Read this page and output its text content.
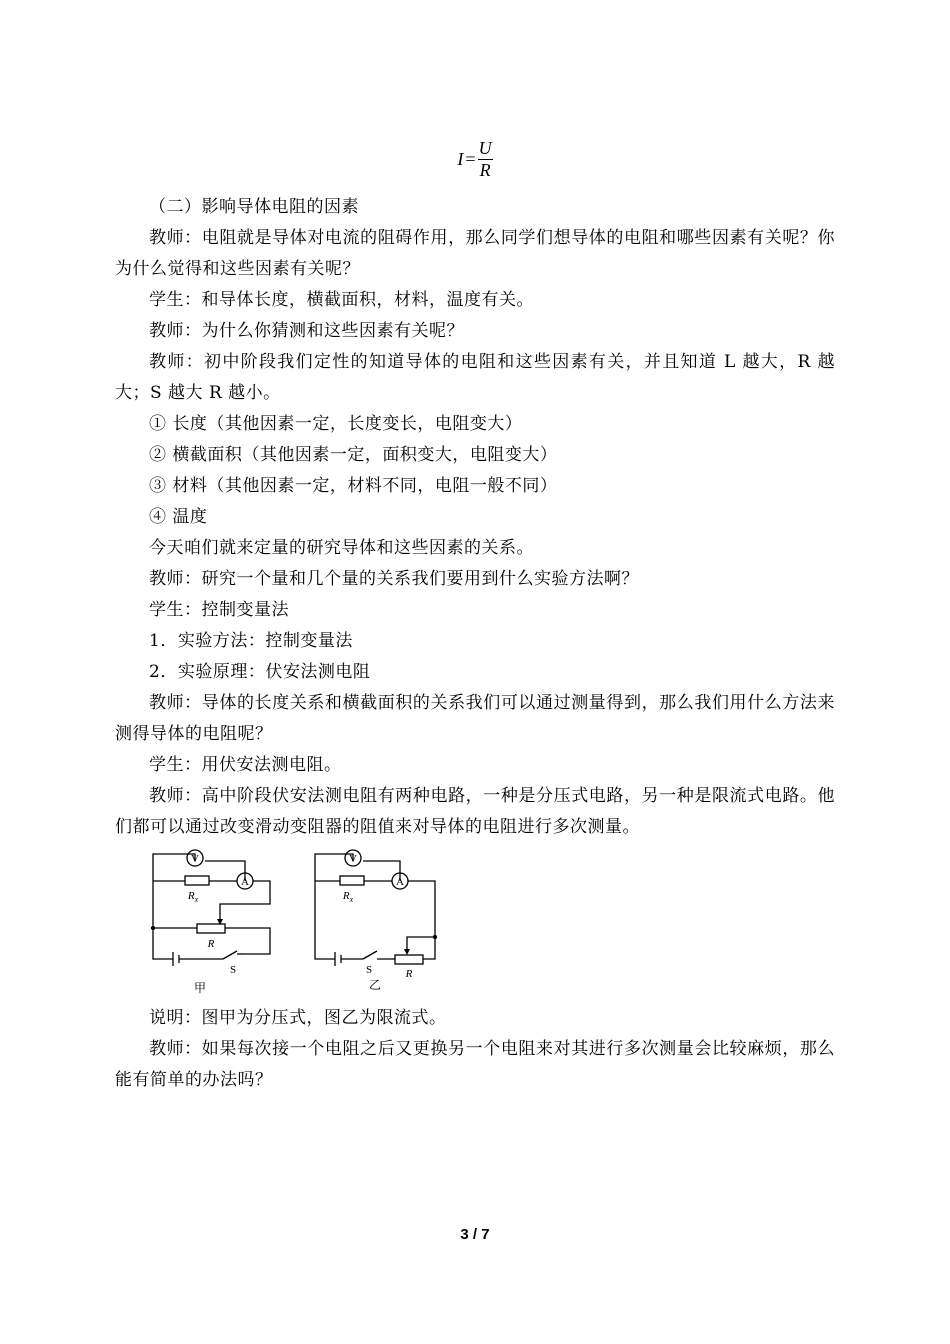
$I = \frac{U}{R}$

（二）影响导体电阻的因素

教师：电阻就是导体对电流的阻碍作用，那么同学们想导体的电阻和哪些因素有关呢？你为什么觉得和这些因素有关呢？

学生：和导体长度，横截面积，材料，温度有关。

教师：为什么你猜测和这些因素有关呢？

教师：初中阶段我们定性的知道导体的电阻和这些因素有关，并且知道 L 越大，R 越大；S 越大 R 越小。

① 长度（其他因素一定，长度变长，电阻变大）

② 横截面积（其他因素一定，面积变大，电阻变大）

③ 材料（其他因素一定，材料不同，电阻一般不同）

④ 温度

今天咱们就来定量的研究导体和这些因素的关系。

教师：研究一个量和几个量的关系我们要用到什么实验方法啊？

学生：控制变量法

1．实验方法：控制变量法

2．实验原理：伏安法测电阻

教师：导体的长度关系和横截面积的关系我们可以通过测量得到，那么我们用什么方法来测得导体的电阻呢？

学生：用伏安法测电阻。

教师：高中阶段伏安法测电阻有两种电路，一种是分压式电路，另一种是限流式电路。他们都可以通过改变滑动变阻器的阻值来对导体的电阻进行多次测量。

V
A
$R_x$
R
S
甲
V
A
$R_x$
R
S
乙

说明：图甲为分压式，图乙为限流式。

教师：如果每次接一个电阻之后又更换另一个电阻来对其进行多次测量会比较麻烦，那么能有简单的办法吗？

3 / 7
